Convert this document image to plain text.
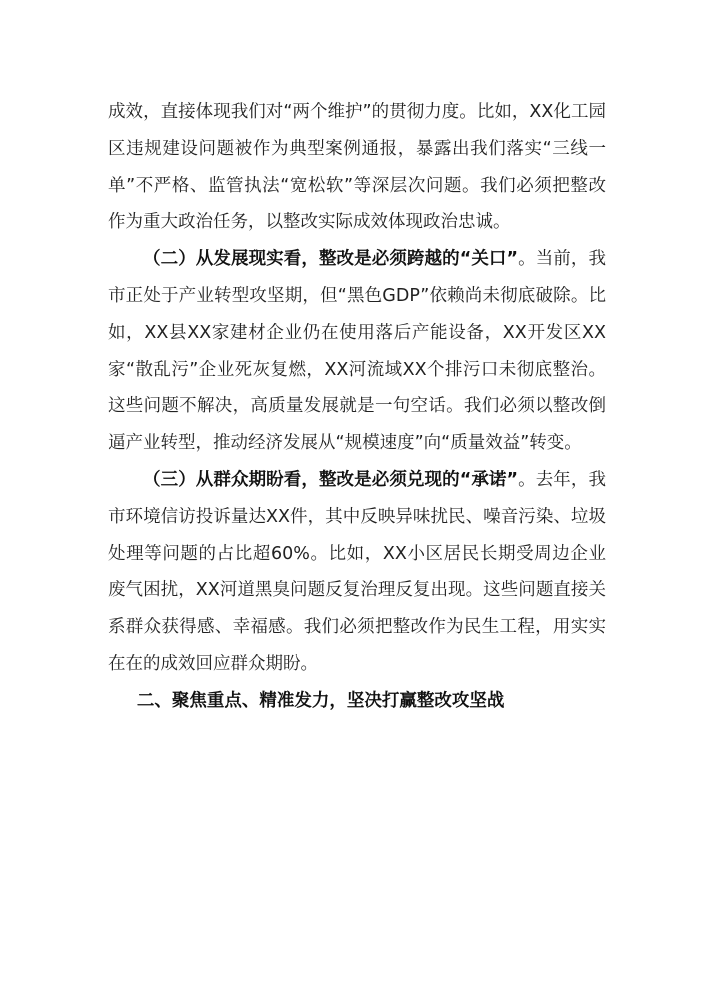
成效，直接体现我们对“两个维护”的贯彻力度。比如，XX化工园区违规建设问题被作为典型案例通报，暴露出我们落实“三线一单”不严格、监管执法“宽松软”等深层次问题。我们必须把整改作为重大政治任务，以整改实际成效体现政治忠诚。

（二）从发展现实看，整改是必须跨越的“关口”。当前，我市正处于产业转型攻坚期，但“黑色GDP”依赖尚未彻底破除。比如，XX县XX家建材企业仍在使用落后产能设备，XX开发区XX家“散乱污”企业死灰复燃，XX河流域XX个排污口未彻底整治。这些问题不解决，高质量发展就是一句空话。我们必须以整改倒逼产业转型，推动经济发展从“规模速度”向“质量效益”转变。

（三）从群众期盼看，整改是必须兑现的“承诺”。去年，我市环境信访投诉量达XX件，其中反映异味扰民、噪音污染、垃圾处理等问题的占比超60%。比如，XX小区居民长期受周边企业废气困扰，XX河道黑臭问题反复治理反复出现。这些问题直接关系群众获得感、幸福感。我们必须把整改作为民生工程，用实实在在的成效回应群众期盼。

二、聚焦重点、精准发力，坚决打赢整改攻坚战
